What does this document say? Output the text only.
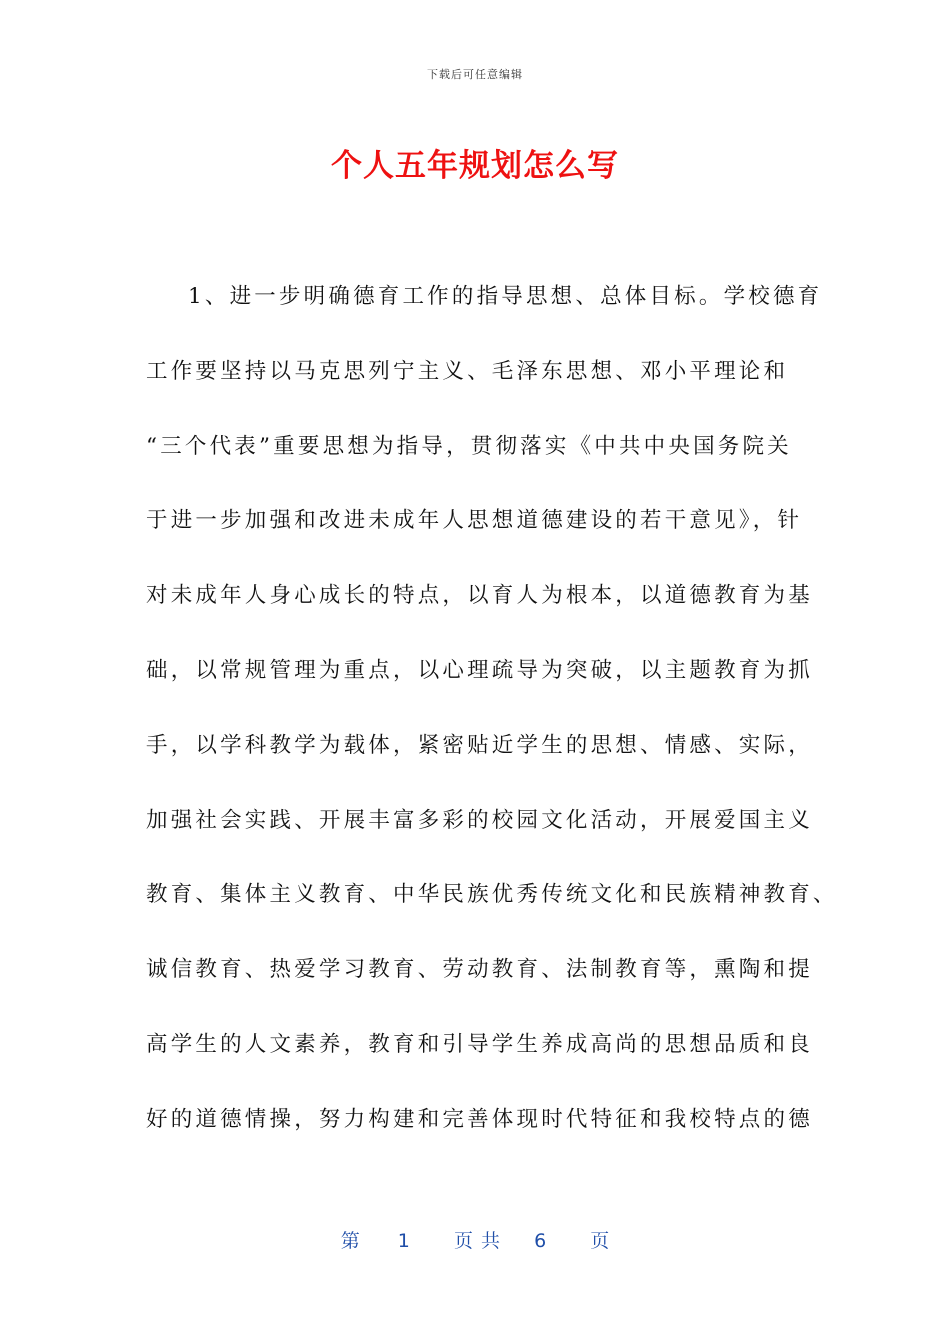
下载后可任意编辑
个人五年规划怎么写
1、进一步明确德育工作的指导思想、总体目标。学校德育
工作要坚持以马克思列宁主义、毛泽东思想、邓小平理论和
“三个代表”重要思想为指导，贯彻落实《中共中央国务院关
于进一步加强和改进未成年人思想道德建设的若干意见》，针
对未成年人身心成长的特点，以育人为根本，以道德教育为基
础，以常规管理为重点，以心理疏导为突破，以主题教育为抓
手，以学科教学为载体，紧密贴近学生的思想、情感、实际，
加强社会实践、开展丰富多彩的校园文化活动，开展爱国主义
教育、集体主义教育、中华民族优秀传统文化和民族精神教育、
诚信教育、热爱学习教育、劳动教育、法制教育等，熏陶和提
高学生的人文素养，教育和引导学生养成高尚的思想品质和良
好的道德情操，努力构建和完善体现时代特征和我校特点的德
第 1 页共 6 页
